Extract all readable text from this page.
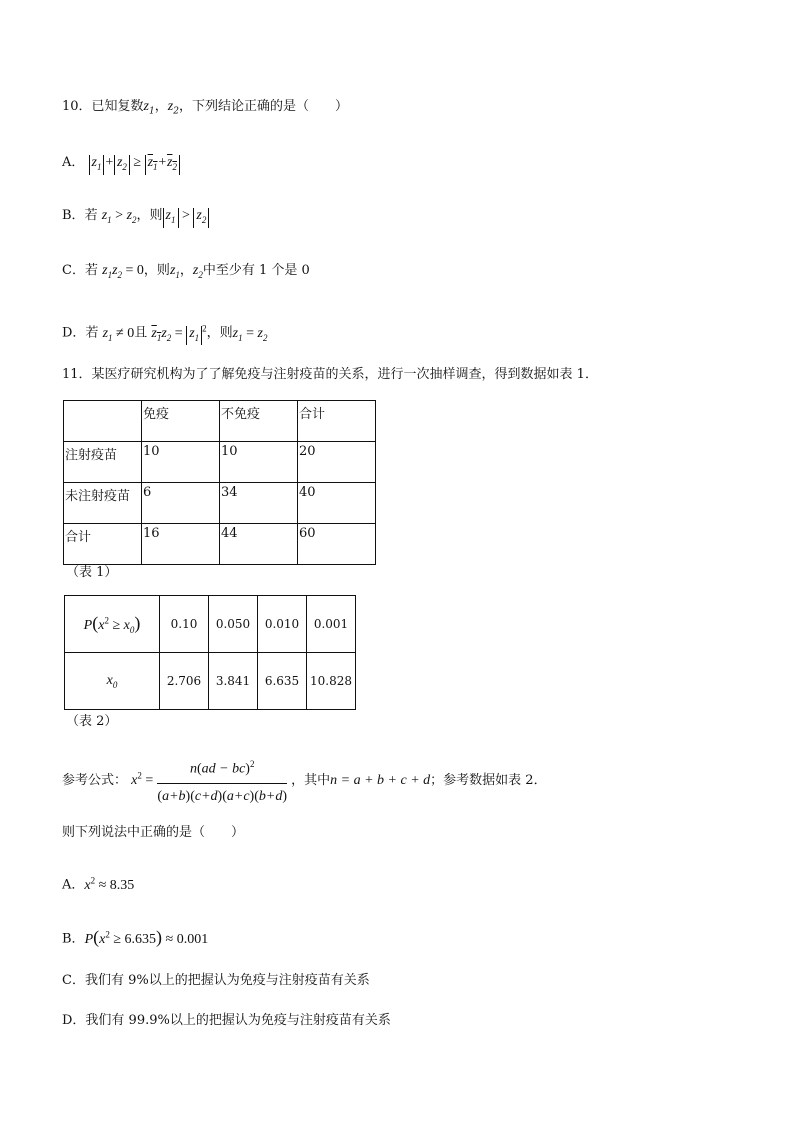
10．已知复数$z_1$，$z_2$，下列结论正确的是（　　）
A． $z_1 + z_2 \ge z_1+z_2$
B．若 $z_1 > z_2$，则 $z_1 > z_2$
C．若 $z_1z_2 = 0$，则$z_1$，$z_2$中至少有 1 个是 0
D．若 $z_1 \ne 0$且 $z_1z_2 = z_1^2$，则$z_1 = z_2$
11．某医疗研究机构为了了解免疫与注射疫苗的关系，进行一次抽样调查，得到数据如表 1．
	免疫	不免疫	合计
注射疫苗	10	10	20
未注射疫苗	6	34	40
合计	16	44	60
（表 1）
$P(x^2 \ge x_0)$	0.10	0.050	0.010	0.001
$x_0$	2.706	3.841	6.635	10.828
（表 2）
参考公式： $x^2 = \frac{n(ad - bc)^2}{(a+b)(c+d)(a+c)(b+d)}$ ，其中n = a + b + c + d；参考数据如表 2．
则下列说法中正确的是（　　）
A．$x^2 \approx 8.35$
B．$P(x^2 \ge 6.635) \approx 0.001$
C．我们有 9%以上的把握认为免疫与注射疫苗有关系
D．我们有 99.9%以上的把握认为免疫与注射疫苗有关系
